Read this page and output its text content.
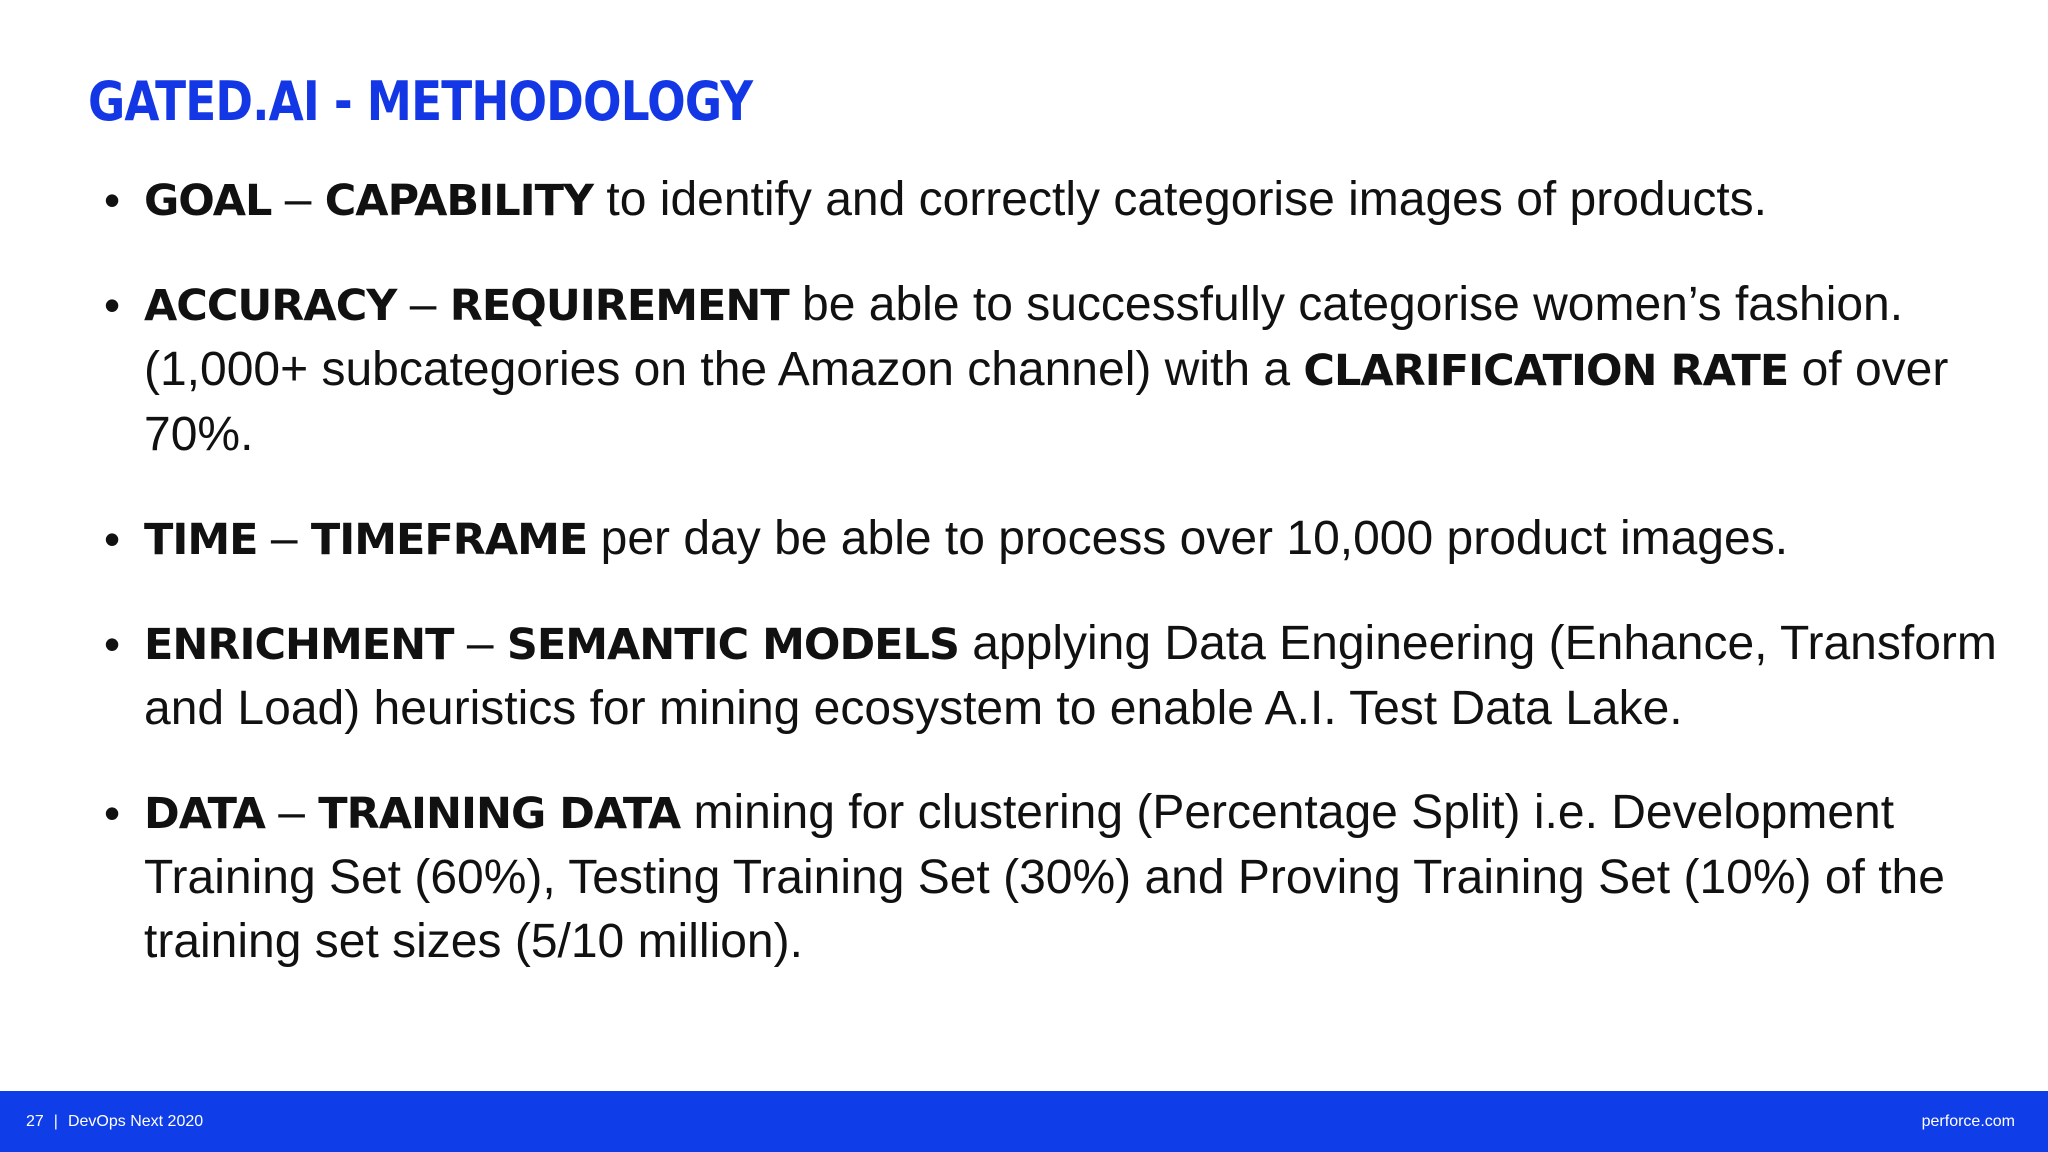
GATED.AI - METHODOLOGY
• GOAL – CAPABILITY to identify and correctly categorise images of products.
• ACCURACY – REQUIREMENT be able to successfully categorise women’s fashion. (1,000+ subcategories on the Amazon channel) with a CLARIFICATION RATE of over 70%.
• TIME – TIMEFRAME per day be able to process over 10,000 product images.
• ENRICHMENT – SEMANTIC MODELS applying Data Engineering (Enhance, Transform and Load) heuristics for mining ecosystem to enable A.I. Test Data Lake.
• DATA – TRAINING DATA mining for clustering (Percentage Split) i.e. Development Training Set (60%), Testing Training Set (30%) and Proving Training Set (10%) of the training set sizes (5/10 million).
27 | DevOps Next 2020	perforce.com
